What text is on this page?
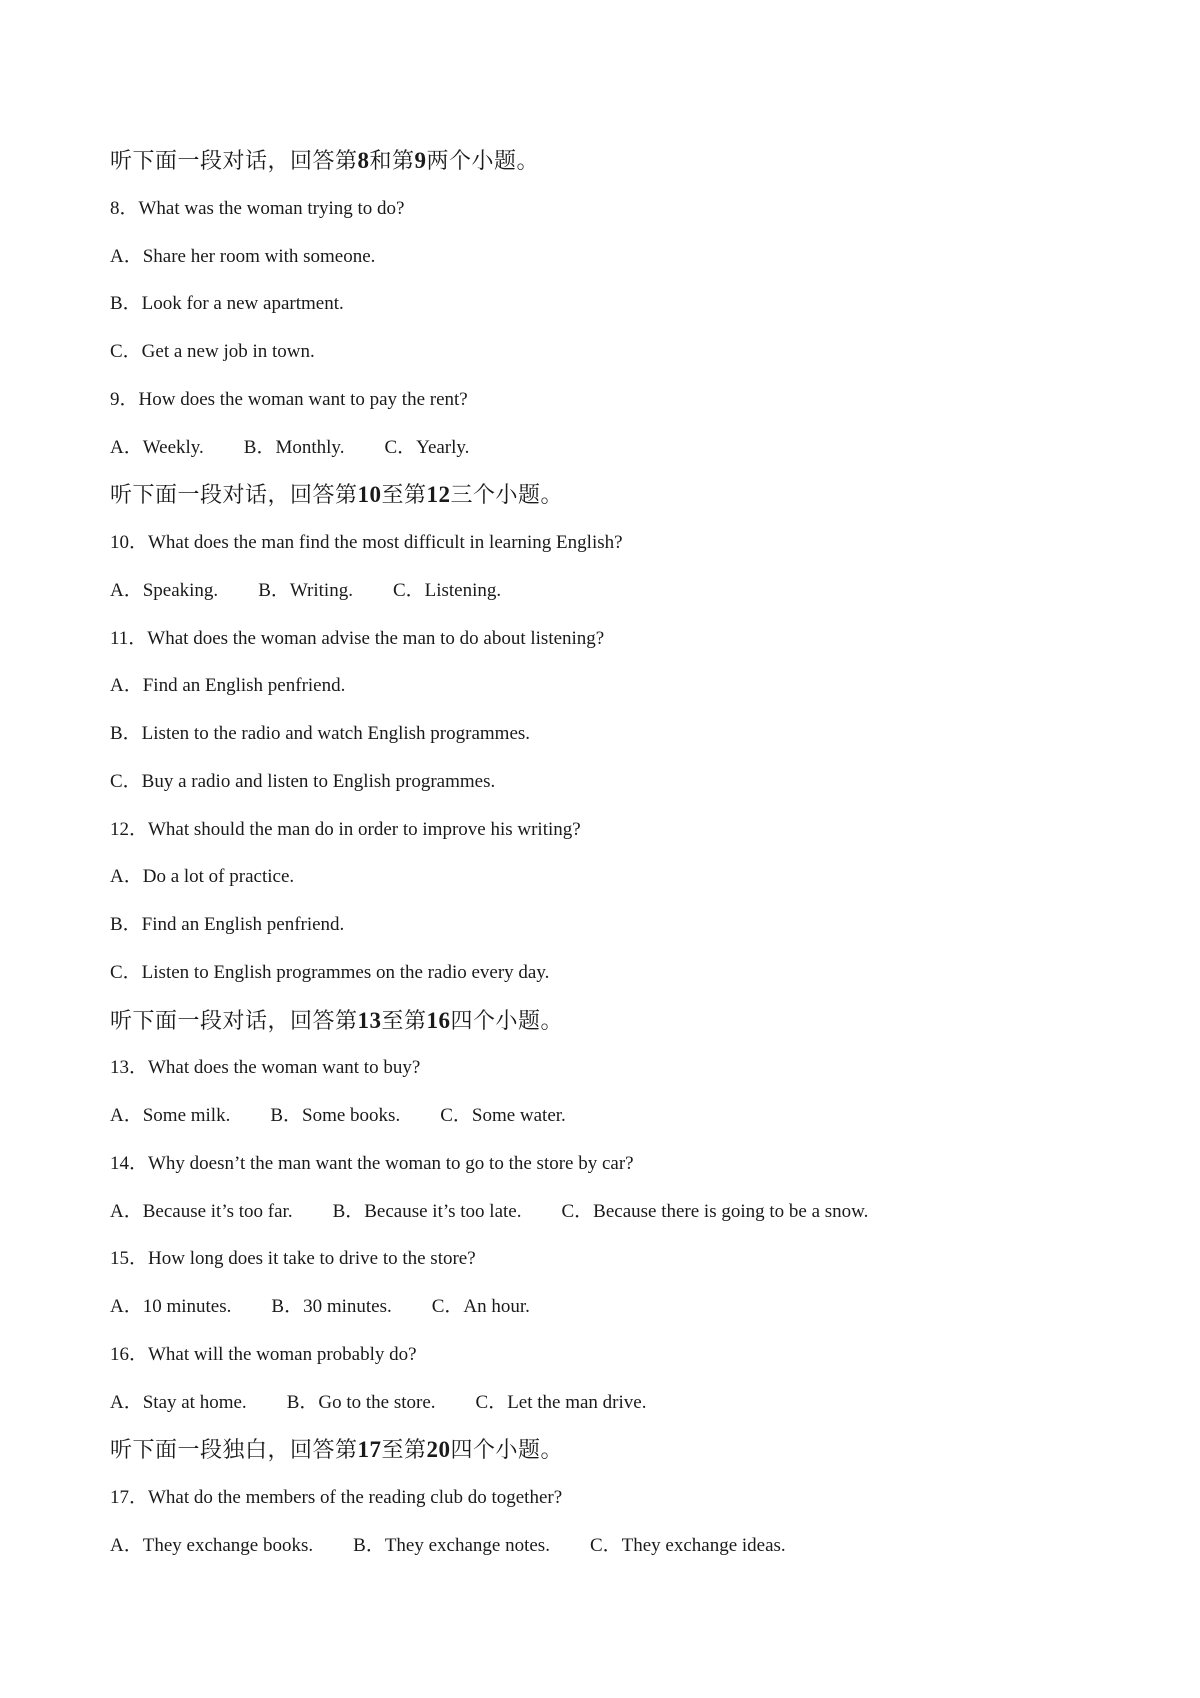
听下面一段对话，回答第8和第9两个小题。
8．What was the woman trying to do?
A．Share her room with someone.
B．Look for a new apartment.
C．Get a new job in town.
9．How does the woman want to pay the rent?
A．Weekly. B．Monthly. C．Yearly.
听下面一段对话，回答第10至第12三个小题。
10．What does the man find the most difficult in learning English?
A．Speaking. B．Writing. C．Listening.
11．What does the woman advise the man to do about listening?
A．Find an English penfriend.
B．Listen to the radio and watch English programmes.
C．Buy a radio and listen to English programmes.
12．What should the man do in order to improve his writing?
A．Do a lot of practice.
B．Find an English penfriend.
C．Listen to English programmes on the radio every day.
听下面一段对话，回答第13至第16四个小题。
13．What does the woman want to buy?
A．Some milk. B．Some books. C．Some water.
14．Why doesn’t the man want the woman to go to the store by car?
A．Because it’s too far. B．Because it’s too late. C．Because there is going to be a snow.
15．How long does it take to drive to the store?
A．10 minutes. B．30 minutes. C．An hour.
16．What will the woman probably do?
A．Stay at home. B．Go to the store. C．Let the man drive.
听下面一段独白，回答第17至第20四个小题。
17．What do the members of the reading club do together?
A．They exchange books. B．They exchange notes. C．They exchange ideas.
